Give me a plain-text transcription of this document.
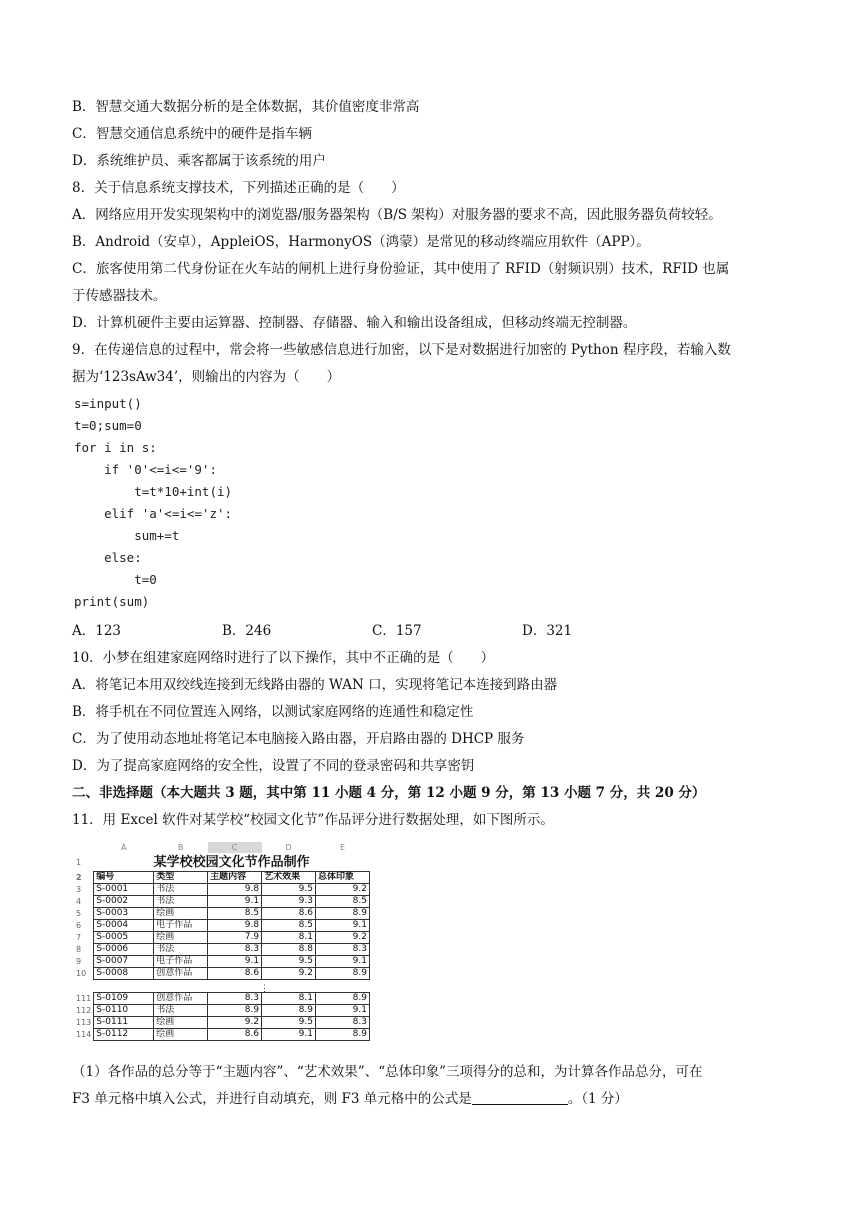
B．智慧交通大数据分析的是全体数据，其价值密度非常高
C．智慧交通信息系统中的硬件是指车辆
D．系统维护员、乘客都属于该系统的用户
8．关于信息系统支撑技术，下列描述正确的是（　　）
A．网络应用开发实现架构中的浏览器/服务器架构（B/S 架构）对服务器的要求不高，因此服务器负荷较轻。
B．Android（安卓），AppleiOS，HarmonyOS（鸿蒙）是常见的移动终端应用软件（APP）。
C．旅客使用第二代身份证在火车站的闸机上进行身份验证，其中使用了 RFID（射频识别）技术，RFID 也属
于传感器技术。
D．计算机硬件主要由运算器、控制器、存储器、输入和输出设备组成，但移动终端无控制器。
9．在传递信息的过程中，常会将一些敏感信息进行加密，以下是对数据进行加密的 Python 程序段，若输入数
据为‘123sAw34’，则输出的内容为（　　）
s=input()
t=0;sum=0
for i in s:
if '0'<=i<='9':
t=t*10+int(i)
elif 'a'<=i<='z':
sum+=t
else:
t=0
print(sum)
A．123	B．246	C．157	D．321
10．小梦在组建家庭网络时进行了以下操作，其中不正确的是（　　）
A．将笔记本用双绞线连接到无线路由器的 WAN 口，实现将笔记本连接到路由器
B．将手机在不同位置连入网络，以测试家庭网络的连通性和稳定性
C．为了使用动态地址将笔记本电脑接入路由器，开启路由器的 DHCP 服务
D．为了提高家庭网络的安全性，设置了不同的登录密码和共享密钥
二、非选择题（本大题共 3 题，其中第 11 小题 4 分，第 12 小题 9 分，第 13 小题 7 分，共 20 分）
11．用 Excel 软件对某学校“校园文化节”作品评分进行数据处理，如下图所示。
	A	B	C	D	E
1	某学校校园文化节作品制作				
2	编号	类型	主题内容	艺术效果	总体印象
3	S-0001	书法	9.8	9.5	9.2
4	S-0002	书法	9.1	9.3	8.5
5	S-0003	绘画	8.5	8.6	8.9
6	S-0004	电子作品	9.8	8.5	9.1
7	S-0005	绘画	7.9	8.1	9.2
8	S-0006	书法	8.3	8.8	8.3
9	S-0007	电子作品	9.1	9.5	9.1
10	S-0008	创意作品	8.6	9.2	8.9

111	S-0109	创意作品	8.3	8.1	8.9
112	S-0110	书法	8.9	8.9	9.1
113	S-0111	绘画	9.2	9.5	8.3
114	S-0112	绘画	8.6	9.1	8.9
⋮
（1）各作品的总分等于“主题内容”、“艺术效果”、“总体印象”三项得分的总和，为计算各作品总分，可在
F3 单元格中填入公式，并进行自动填充，则 F3 单元格中的公式是	。（1 分）
